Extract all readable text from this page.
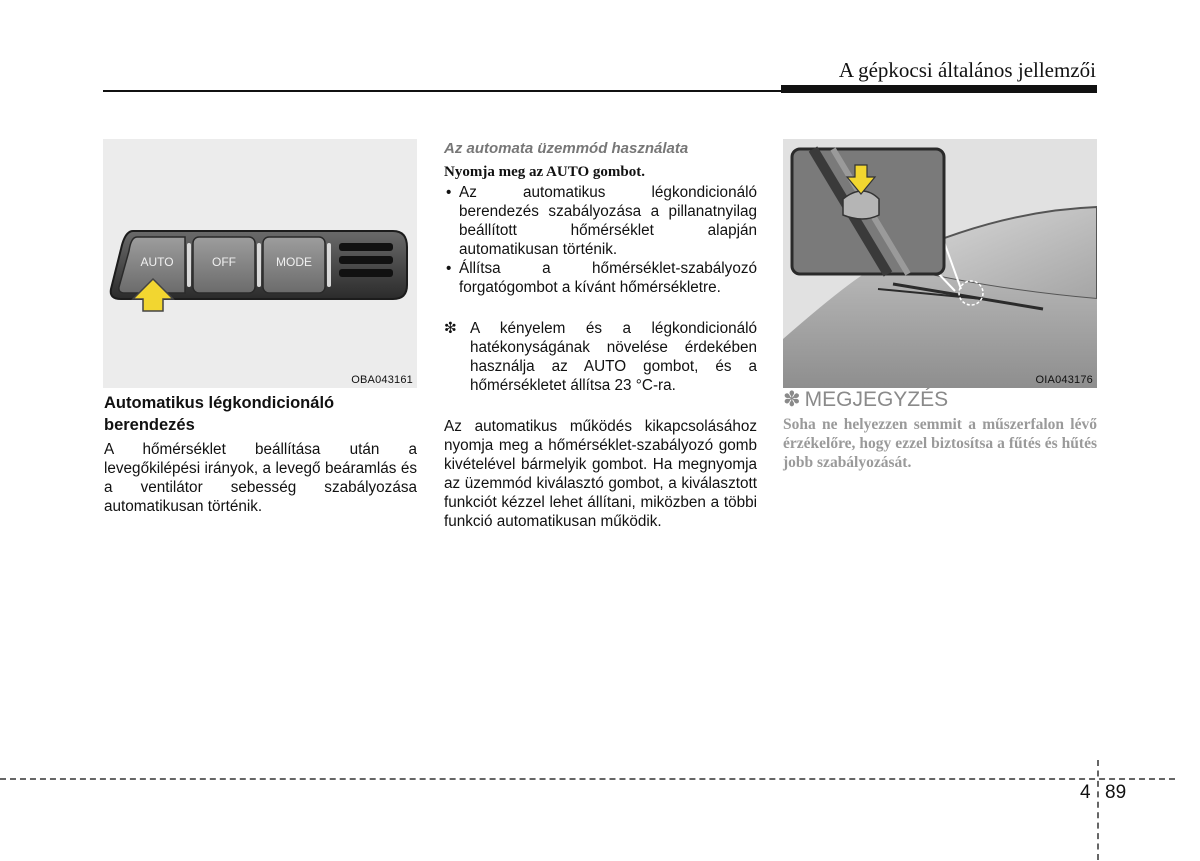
A gépkocsi általános jellemzői
AUTO	OFF	MODE
OBA043161	OIA043176
Automatikus légkondicionáló berendezés

A hőmérséklet beállítása után a levegőkilépési irányok, a levegő beáramlás és a ventilátor sebesség szabályozása automatikusan történik.

Az automata üzemmód használata
Nyomja meg az AUTO gombot.
• Az automatikus légkondicionáló berendezés szabályozása a pillanatnyilag beállított hőmérséklet alapján automatikusan történik.
• Állítsa a hőmérséklet-szabályozó forgatógombot a kívánt hőmérsékletre.
❇ A kényelem és a légkondicionáló hatékonyságának növelése érdekében használja az AUTO gombot, és a hőmérsékletet állítsa 23 °C-ra.

Az automatikus működés kikapcsolásához nyomja meg a hőmérséklet-szabályozó gomb kivételével bármelyik gombot. Ha megnyomja az üzemmód kiválasztó gombot, a kiválasztott funkciót kézzel lehet állítani, miközben a többi funkció automatikusan működik.

✽ MEGJEGYZÉS

Soha ne helyezzen semmit a műszerfalon lévő érzékelőre, hogy ezzel biztosítsa a fűtés és hűtés jobb szabályozását.

4 89
